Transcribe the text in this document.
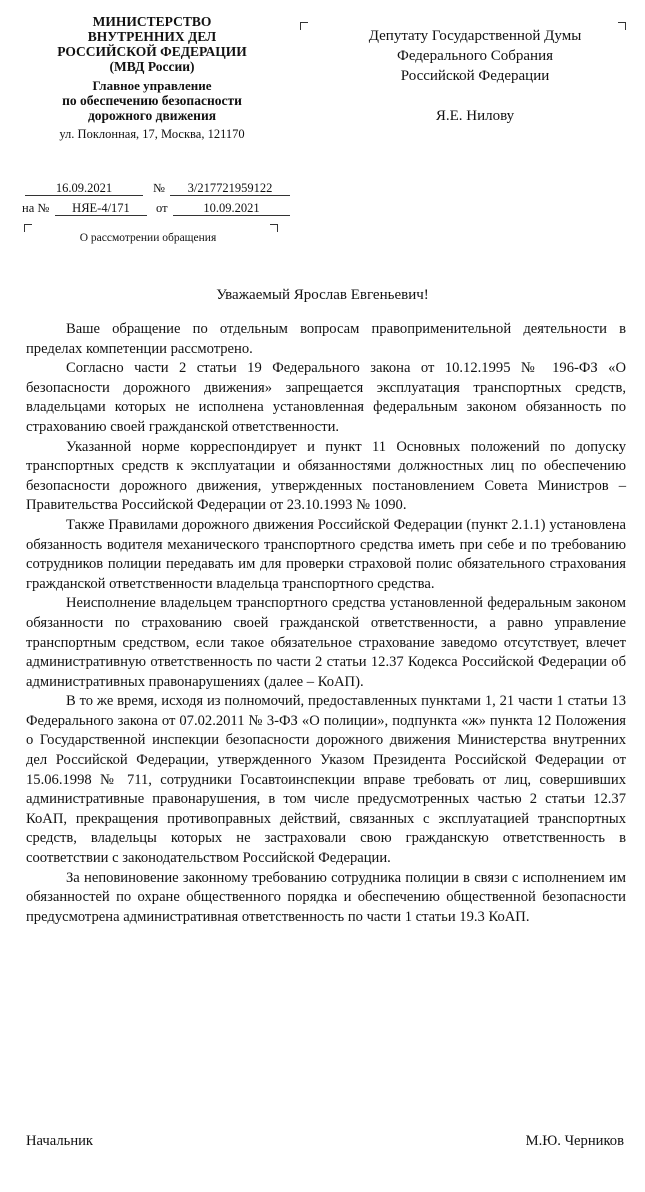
МИНИСТЕРСТВО
ВНУТРЕННИХ ДЕЛ
РОССИЙСКОЙ ФЕДЕРАЦИИ
(МВД России)
Главное управление
по обеспечению безопасности
дорожного движения
ул. Поклонная, 17, Москва, 121170
Депутату Государственной Думы
Федерального Собрания
Российской Федерации
Я.Е. Нилову
16.09.2021	№	3/217721959122
на №	НЯЕ-4/171	от	10.09.2021
О рассмотрении обращения
Уважаемый Ярослав Евгеньевич!

Ваше обращение по отдельным вопросам правоприменительной деятельности в пределах компетенции рассмотрено.

Согласно части 2 статьи 19 Федерального закона от 10.12.1995 № 196-ФЗ «О безопасности дорожного движения» запрещается эксплуатация транспортных средств, владельцами которых не исполнена установленная федеральным законом обязанность по страхованию своей гражданской ответственности.

Указанной норме корреспондирует и пункт 11 Основных положений по допуску транспортных средств к эксплуатации и обязанностями должностных лиц по обеспечению безопасности дорожного движения, утвержденных постановлением Совета Министров – Правительства Российской Федерации от 23.10.1993 № 1090.

Также Правилами дорожного движения Российской Федерации (пункт 2.1.1) установлена обязанность водителя механического транспортного средства иметь при себе и по требованию сотрудников полиции передавать им для проверки страховой полис обязательного страхования гражданской ответственности владельца транспортного средства.

Неисполнение владельцем транспортного средства установленной федеральным законом обязанности по страхованию своей гражданской ответственности, а равно управление транспортным средством, если такое обязательное страхование заведомо отсутствует, влечет административную ответственность по части 2 статьи 12.37 Кодекса Российской Федерации об административных правонарушениях (далее – КоАП).

В то же время, исходя из полномочий, предоставленных пунктами 1, 21 части 1 статьи 13 Федерального закона от 07.02.2011 № 3-ФЗ «О полиции», подпункта «ж» пункта 12 Положения о Государственной инспекции безопасности дорожного движения Министерства внутренних дел Российской Федерации, утвержденного Указом Президента Российской Федерации от 15.06.1998 № 711, сотрудники Госавтоинспекции вправе требовать от лиц, совершивших административные правонарушения, в том числе предусмотренных частью 2 статьи 12.37 КоАП, прекращения противоправных действий, связанных с эксплуатацией транспортных средств, владельцы которых не застраховали свою гражданскую ответственность в соответствии с законодательством Российской Федерации.

За неповиновение законному требованию сотрудника полиции в связи с исполнением им обязанностей по охране общественного порядка и обеспечению общественной безопасности предусмотрена административная ответственность по части 1 статьи 19.3 КоАП.

Начальник	М.Ю. Черников
